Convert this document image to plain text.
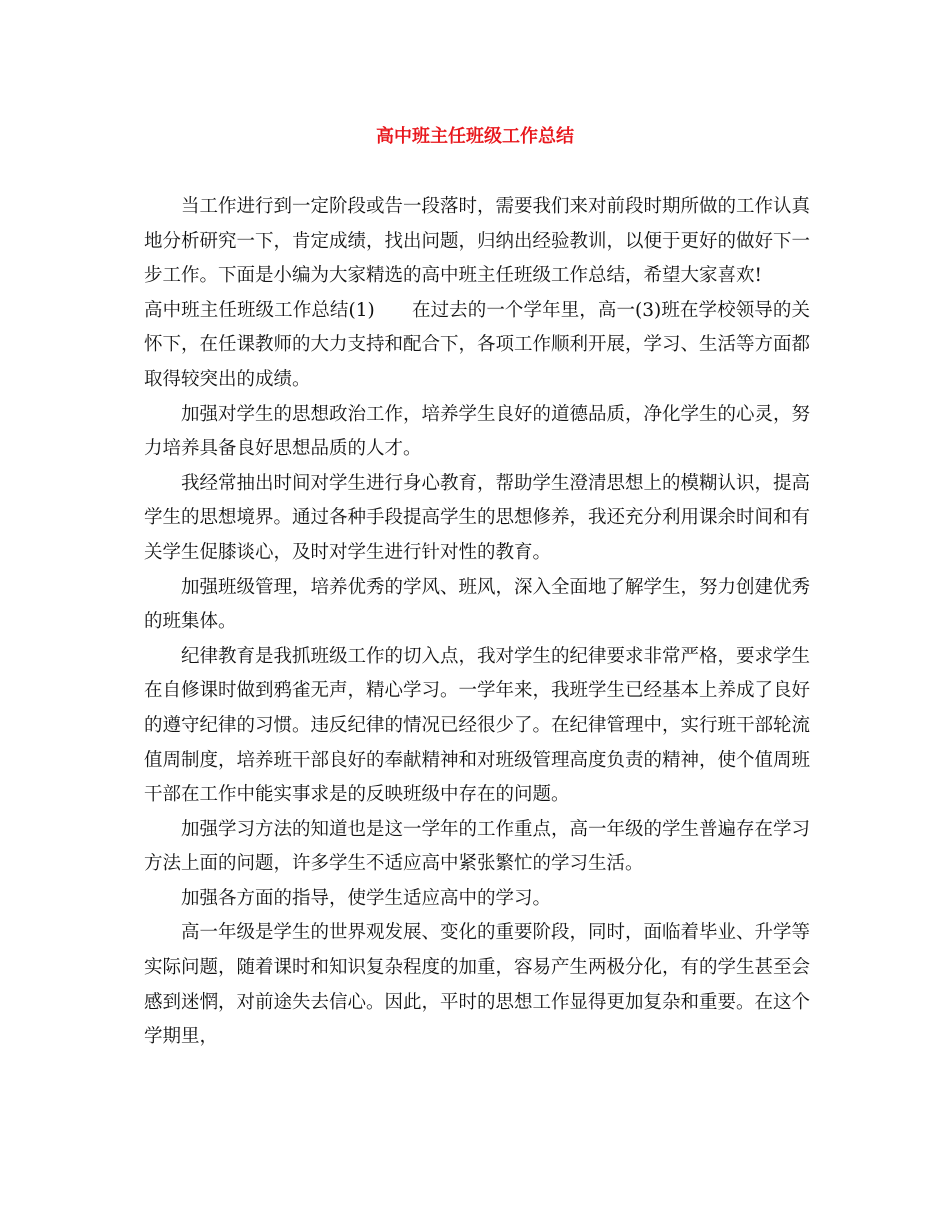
高中班主任班级工作总结

当工作进行到一定阶段或告一段落时，需要我们来对前段时期所做的工作认真地分析研究一下，肯定成绩，找出问题，归纳出经验教训，以便于更好的做好下一步工作。下面是小编为大家精选的高中班主任班级工作总结，希望大家喜欢!

高中班主任班级工作总结(1)　　在过去的一个学年里，高一(3)班在学校领导的关怀下，在任课教师的大力支持和配合下，各项工作顺利开展，学习、生活等方面都取得较突出的成绩。

加强对学生的思想政治工作，培养学生良好的道德品质，净化学生的心灵，努力培养具备良好思想品质的人才。

我经常抽出时间对学生进行身心教育，帮助学生澄清思想上的模糊认识，提高学生的思想境界。通过各种手段提高学生的思想修养，我还充分利用课余时间和有关学生促膝谈心，及时对学生进行针对性的教育。

加强班级管理，培养优秀的学风、班风，深入全面地了解学生，努力创建优秀的班集体。

纪律教育是我抓班级工作的切入点，我对学生的纪律要求非常严格，要求学生在自修课时做到鸦雀无声，精心学习。一学年来，我班学生已经基本上养成了良好的遵守纪律的习惯。违反纪律的情况已经很少了。在纪律管理中，实行班干部轮流值周制度，培养班干部良好的奉献精神和对班级管理高度负责的精神，使个值周班干部在工作中能实事求是的反映班级中存在的问题。

加强学习方法的知道也是这一学年的工作重点，高一年级的学生普遍存在学习方法上面的问题，许多学生不适应高中紧张繁忙的学习生活。

加强各方面的指导，使学生适应高中的学习。

高一年级是学生的世界观发展、变化的重要阶段，同时，面临着毕业、升学等实际问题，随着课时和知识复杂程度的加重，容易产生两极分化，有的学生甚至会感到迷惘，对前途失去信心。因此，平时的思想工作显得更加复杂和重要。在这个学期里，
